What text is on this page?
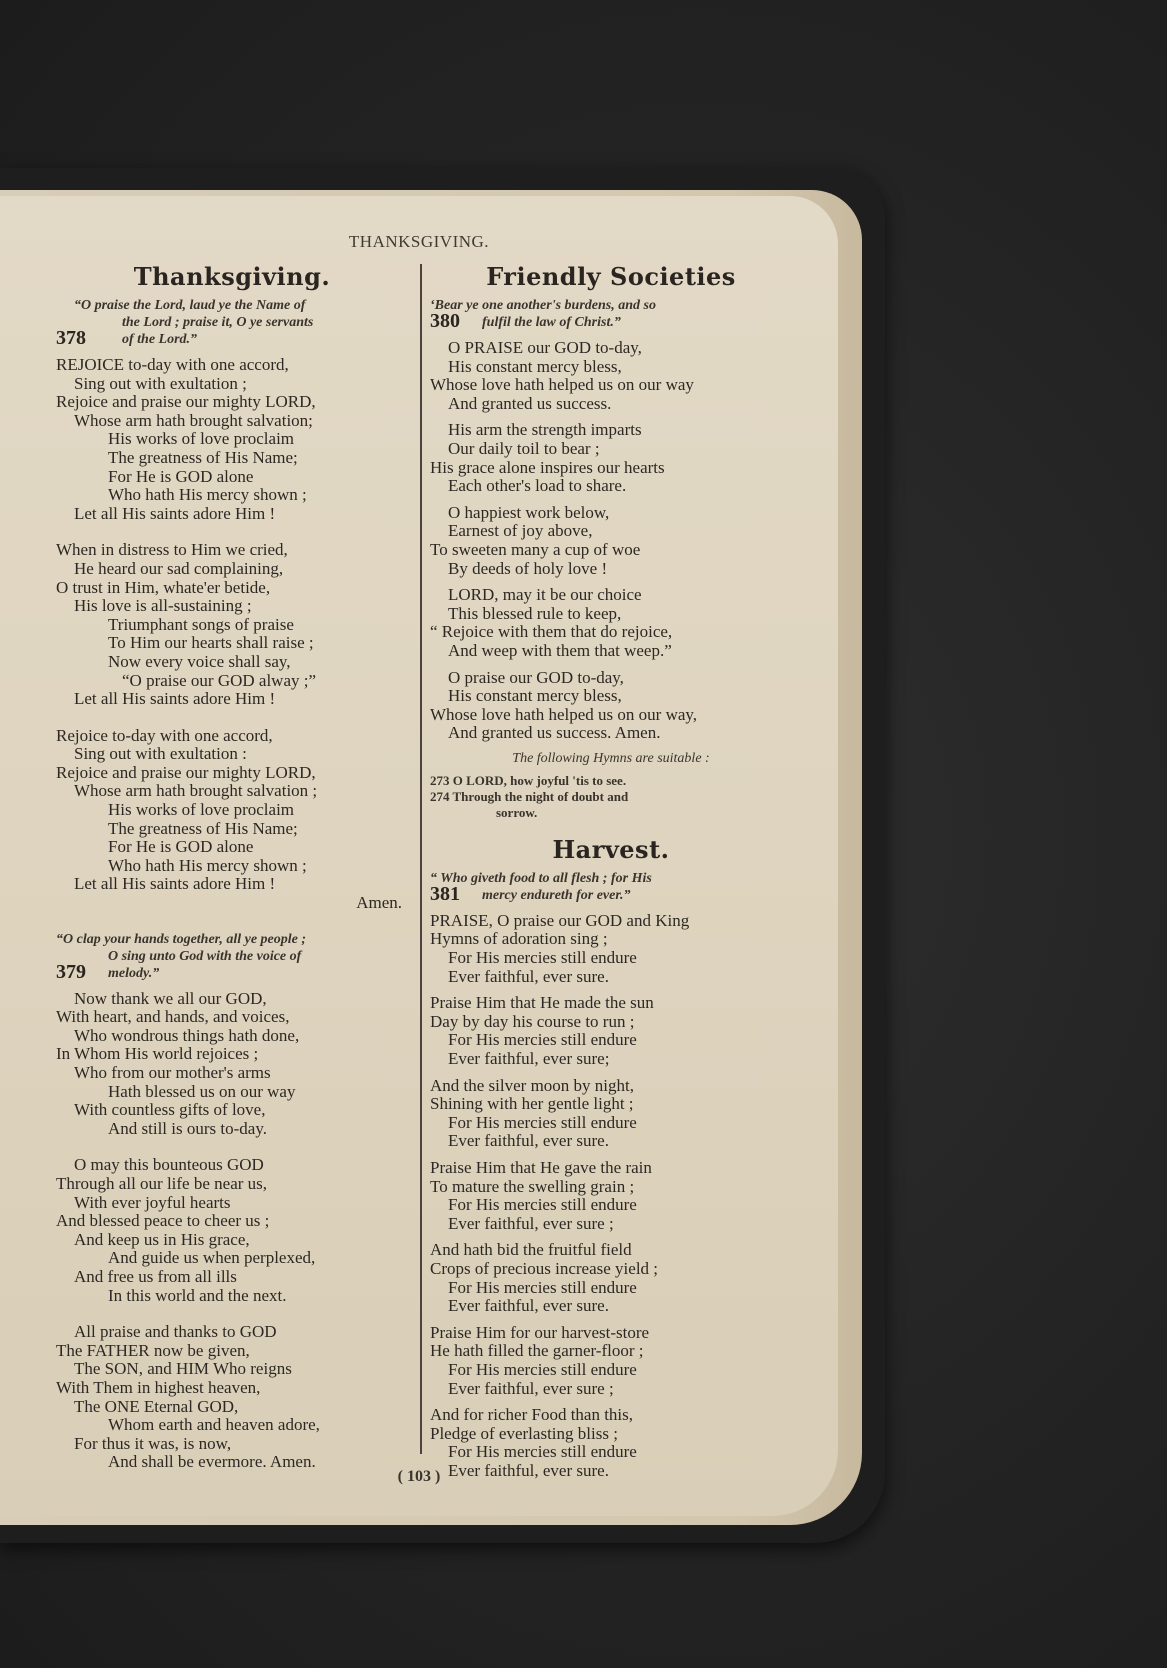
THANKSGIVING.
Thanksgiving.
“O praise the Lord, laud ye the Name of
the Lord ; praise it, O ye servants
of the Lord.”
378
REJOICE to-day with one accord,
Sing out with exultation ;
Rejoice and praise our mighty LORD,
Whose arm hath brought salvation;
His works of love proclaim
The greatness of His Name;
For He is GOD alone
Who hath His mercy shown ;
Let all His saints adore Him !
When in distress to Him we cried,
He heard our sad complaining,
O trust in Him, whate'er betide,
His love is all-sustaining ;
Triumphant songs of praise
To Him our hearts shall raise ;
Now every voice shall say,
“O praise our GOD alway ;”
Let all His saints adore Him !
Rejoice to-day with one accord,
Sing out with exultation :
Rejoice and praise our mighty LORD,
Whose arm hath brought salvation ;
His works of love proclaim
The greatness of His Name;
For He is GOD alone
Who hath His mercy shown ;
Let all His saints adore Him !
Amen.
“O clap your hands together, all ye people ;
O sing unto God with the voice of
melody.”
379
Now thank we all our GOD,
With heart, and hands, and voices,
Who wondrous things hath done,
In Whom His world rejoices ;
Who from our mother's arms
Hath blessed us on our way
With countless gifts of love,
And still is ours to-day.
O may this bounteous GOD
Through all our life be near us,
With ever joyful hearts
And blessed peace to cheer us ;
And keep us in His grace,
And guide us when perplexed,
And free us from all ills
In this world and the next.
All praise and thanks to GOD
The FATHER now be given,
The SON, and HIM Who reigns
With Them in highest heaven,
The ONE Eternal GOD,
Whom earth and heaven adore,
For thus it was, is now,
And shall be evermore. Amen.
Friendly Societies
‘Bear ye one another's burdens, and so
fulfil the law of Christ.”
380
O PRAISE our GOD to-day,
His constant mercy bless,
Whose love hath helped us on our way
And granted us success.
His arm the strength imparts
Our daily toil to bear ;
His grace alone inspires our hearts
Each other's load to share.
O happiest work below,
Earnest of joy above,
To sweeten many a cup of woe
By deeds of holy love !
LORD, may it be our choice
This blessed rule to keep,
“ Rejoice with them that do rejoice,
And weep with them that weep.”
O praise our GOD to-day,
His constant mercy bless,
Whose love hath helped us on our way,
And granted us success. Amen.
The following Hymns are suitable :
273 O LORD, how joyful 'tis to see.
274 Through the night of doubt and
sorrow.
Harvest.
“ Who giveth food to all flesh ; for His
mercy endureth for ever.”
381
PRAISE, O praise our GOD and King
Hymns of adoration sing ;
For His mercies still endure
Ever faithful, ever sure.
Praise Him that He made the sun
Day by day his course to run ;
For His mercies still endure
Ever faithful, ever sure;
And the silver moon by night,
Shining with her gentle light ;
For His mercies still endure
Ever faithful, ever sure.
Praise Him that He gave the rain
To mature the swelling grain ;
For His mercies still endure
Ever faithful, ever sure ;
And hath bid the fruitful field
Crops of precious increase yield ;
For His mercies still endure
Ever faithful, ever sure.
Praise Him for our harvest-store
He hath filled the garner-floor ;
For His mercies still endure
Ever faithful, ever sure ;
And for richer Food than this,
Pledge of everlasting bliss ;
For His mercies still endure
Ever faithful, ever sure.
( 103 )
